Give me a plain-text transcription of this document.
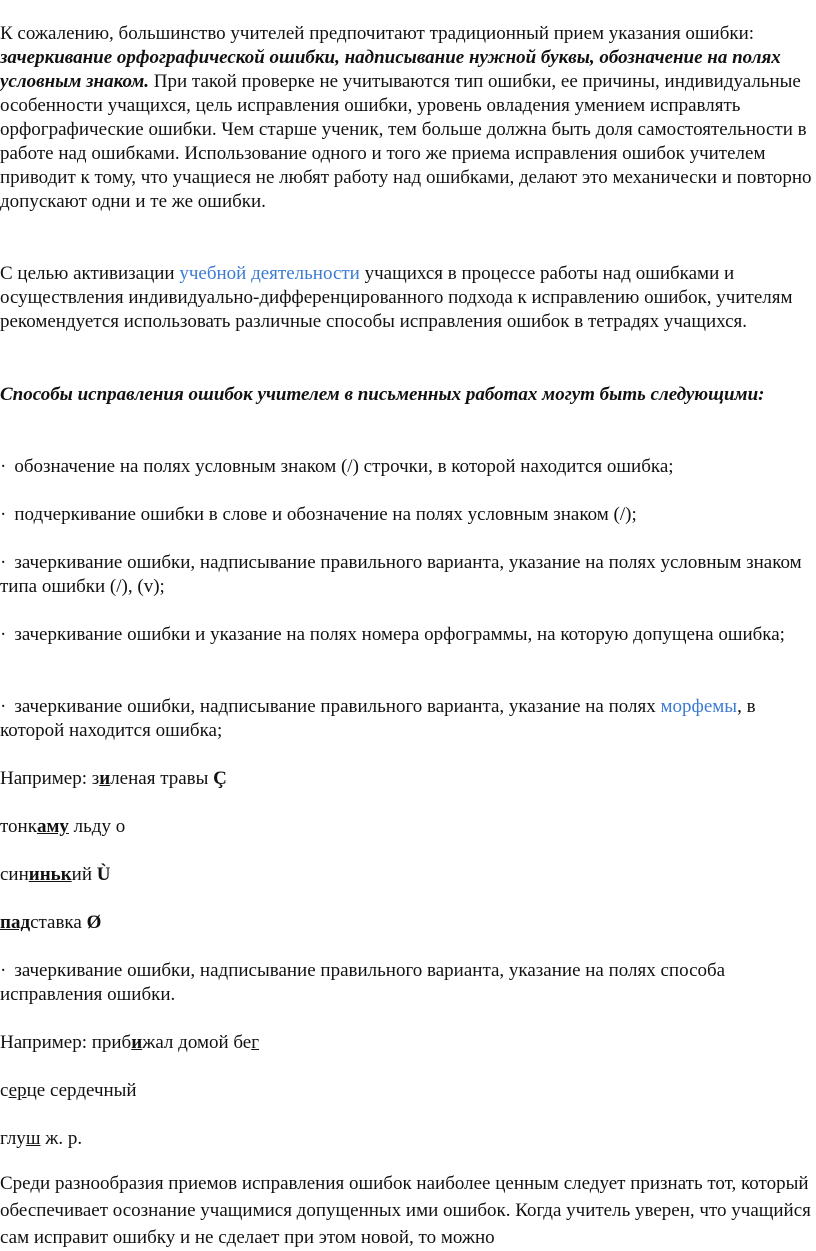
К сожалению, большинство учителей предпочитают традиционный прием указания ошибки: зачеркивание орфографической ошибки, надписывание нужной буквы, обозначение на полях условным знаком. При такой проверке не учитываются тип ошибки, ее причины, индивидуальные особенности учащихся, цель исправления ошибки, уровень овладения умением исправлять орфографические ошибки. Чем старше ученик, тем больше должна быть доля самостоятельности в работе над ошибками. Использование одного и того же приема исправления ошибок учителем приводит к тому, что учащиеся не любят работу над ошибками, делают это механически и повторно допускают одни и те же ошибки.

С целью активизации учебной деятельности учащихся в процессе работы над ошибками и осуществления индивидуально-дифференцированного подхода к исправлению ошибок, учителям рекомендуется использовать различные способы исправления ошибок в тетрадях учащихся.

Способы исправления ошибок учителем в письменных работах могут быть следующими:

· обозначение на полях условным знаком (/) строчки, в которой находится ошибка;

· подчеркивание ошибки в слове и обозначение на полях условным знаком (/);

· зачеркивание ошибки, надписывание правильного варианта, указание на полях условным знаком типа ошибки (/), (v);

· зачеркивание ошибки и указание на полях номера орфограммы, на которую допущена ошибка;

· зачеркивание ошибки, надписывание правильного варианта, указание на полях морфемы, в которой находится ошибка;

Например: зиленая травы Ç

тонкаму льду о

сининький Ù

падставка Ø

· зачеркивание ошибки, надписывание правильного варианта, указание на полях способа исправления ошибки.

Например: прибижал домой бег

серце сердечный

глуш ж. р.

Среди разнообразия приемов исправления ошибок наиболее ценным следует признать тот, который обеспечивает осознание учащимися допущенных ими ошибок. Когда учитель уверен, что учащийся сам исправит ошибку и не сделает при этом новой, то можно
